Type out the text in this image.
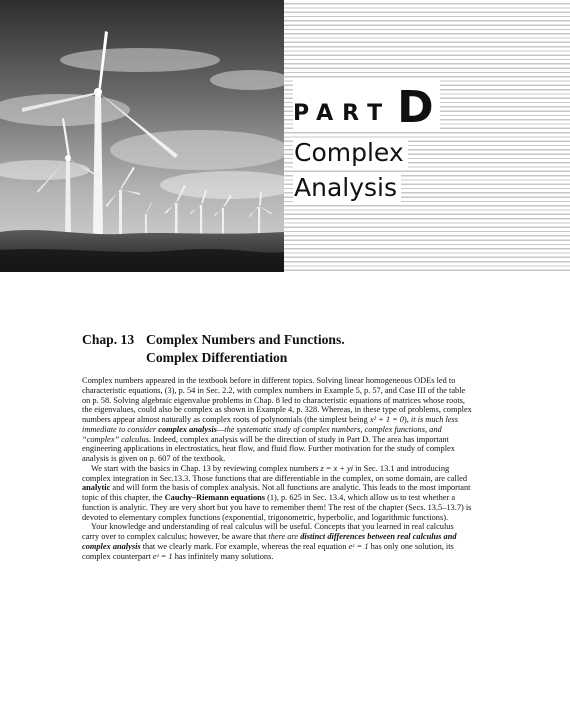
PART D
Complex
Analysis
Chap. 13 Complex Numbers and Functions.
Complex Differentiation

Complex numbers appeared in the textbook before in different topics. Solving linear homogeneous ODEs led to characteristic equations, (3), p. 54 in Sec. 2.2, with complex numbers in Example 5, p. 57, and Case III of the table on p. 58. Solving algebraic eigenvalue problems in Chap. 8 led to characteristic equations of matrices whose roots, the eigenvalues, could also be complex as shown in Example 4, p. 328. Whereas, in these type of problems, complex numbers appear almost naturally as complex roots of polynomials (the simplest being x² + 1 = 0), it is much less immediate to consider complex analysis—the systematic study of complex numbers, complex functions, and “complex” calculus. Indeed, complex analysis will be the direction of study in Part D. The area has important engineering applications in electrostatics, heat flow, and fluid flow. Further motivation for the study of complex analysis is given on p. 607 of the textbook.

We start with the basics in Chap. 13 by reviewing complex numbers z = x + yi in Sec. 13.1 and introducing complex integration in Sec.13.3. Those functions that are differentiable in the complex, on some domain, are called analytic and will form the basis of complex analysis. Not all functions are analytic. This leads to the most important topic of this chapter, the Cauchy–Riemann equations (1), p. 625 in Sec. 13.4, which allow us to test whether a function is analytic. They are very short but you have to remember them! The rest of the chapter (Secs. 13.5–13.7) is devoted to elementary complex functions (exponential, trigonometric, hyperbolic, and logarithmic functions).

Your knowledge and understanding of real calculus will be useful. Concepts that you learned in real calculus carry over to complex calculus; however, be aware that there are distinct differences between real calculus and complex analysis that we clearly mark. For example, whereas the real equation eˣ = 1 has only one solution, its complex counterpart eᶻ = 1 has infinitely many solutions.
